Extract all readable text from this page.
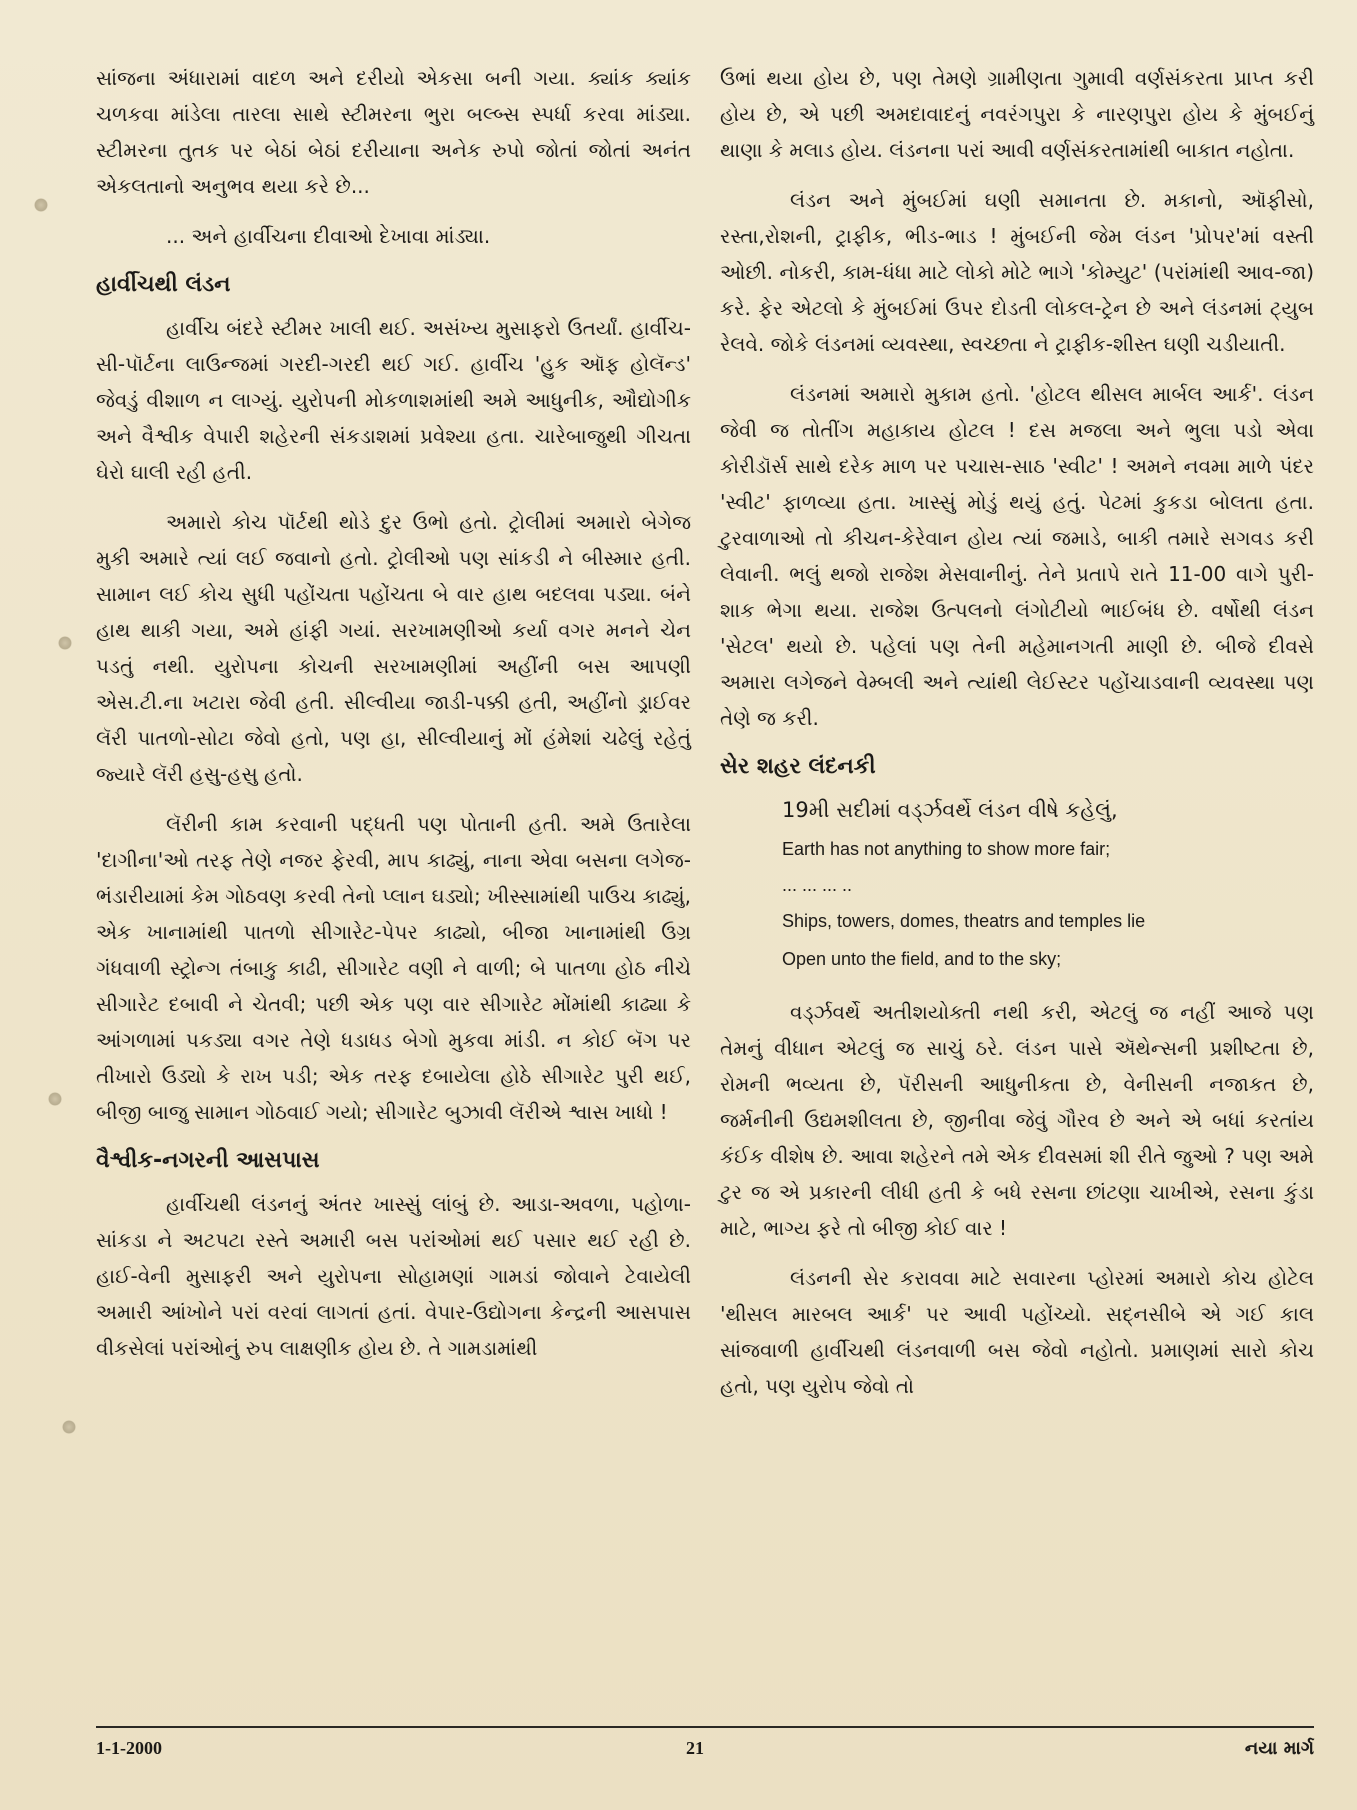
સાંજના અંધારામાં વાદળ અને દરીયો એકસા બની ગયા. ક્યાંક ક્યાંક ચળકવા માંડેલા તારલા સાથે સ્ટીમરના ભુરા બલ્બ્સ સ્પર્ધા કરવા માંડ્યા. સ્ટીમરના તુતક પર બેઠાં બેઠાં દરીયાના અનેક રુપો જોતાં જોતાં અનંત એકલતાનો અનુભવ થયા કરે છે...

... અને હાર્વીચના દીવાઓ દેખાવા માંડ્યા.

હાર્વીચથી લંડન

હાર્વીચ બંદરે સ્ટીમર ખાલી થઈ. અસંખ્ય મુસાફરો ઉતર્યાં. હાર્વીચ-સી-પૉર્ટના લાઉન્જમાં ગરદી-ગરદી થઈ ગઈ. હાર્વીચ 'હુક ઑફ હોલૅન્ડ' જેવડું વીશાળ ન લાગ્યું. યુરોપની મોકળાશમાંથી અમે આધુનીક, ઔદ્યોગીક અને વૈશ્વીક વેપારી શહેરની સંકડાશમાં પ્રવેશ્યા હતા. ચારેબાજુથી ગીચતા ઘેરો ઘાલી રહી હતી.

અમારો કોચ પૉર્ટથી થોડે દુર ઉભો હતો. ટ્રોલીમાં અમારો બેગેજ મુકી અમારે ત્યાં લઈ જવાનો હતો. ટ્રોલીઓ પણ સાંકડી ને બીસ્માર હતી. સામાન લઈ કોચ સુધી પહોંચતા પહોંચતા બે વાર હાથ બદલવા પડ્યા. બંને હાથ થાકી ગયા, અમે હાંફી ગયાં. સરખામણીઓ કર્યા વગર મનને ચેન પડતું નથી. યુરોપના કોચની સરખામણીમાં અહીંની બસ આપણી એસ.ટી.ના ખટારા જેવી હતી. સીલ્વીયા જાડી-પક્કી હતી, અહીંનો ડ્રાઈવર લૅરી પાતળો-સોટા જેવો હતો, પણ હા, સીલ્વીયાનું મોં હંમેશાં ચઢેલું રહેતું જ્યારે લૅરી હસુ-હસુ હતો.

લૅરીની કામ કરવાની પદ્ધતી પણ પોતાની હતી. અમે ઉતારેલા 'દાગીના'ઓ તરફ તેણે નજર ફેરવી, માપ કાઢ્યું, નાના એવા બસના લગેજ-ભંડારીયામાં કેમ ગોઠવણ કરવી તેનો પ્લાન ઘડ્યો; ખીસ્સામાંથી પાઉચ કાઢ્યું, એક ખાનામાંથી પાતળો સીગારેટ-પેપર કાઢ્યો, બીજા ખાનામાંથી ઉગ્ર ગંધવાળી સ્ટ્રોન્ગ તંબાકુ કાઢી, સીગારેટ વણી ને વાળી; બે પાતળા હોઠ નીચે સીગારેટ દબાવી ને ચેતવી; પછી એક પણ વાર સીગારેટ મોંમાંથી કાઢ્યા કે આંગળામાં પકડ્યા વગર તેણે ધડાધડ બેગો મુકવા માંડી. ન કોઈ બૅગ પર તીખારો ઉડ્યો કે રાખ પડી; એક તરફ દબાયેલા હોઠે સીગારેટ પુરી થઈ, બીજી બાજુ સામાન ગોઠવાઈ ગયો; સીગારેટ બુઝાવી લૅરીએ શ્વાસ ખાધો !

વૈશ્વીક-નગરની આસપાસ

હાર્વીચથી લંડનનું અંતર ખાસ્સું લાંબું છે. આડા-અવળા, પહોળા-સાંકડા ને અટપટા રસ્તે અમારી બસ પરાંઓમાં થઈ પસાર થઈ રહી છે. હાઈ-વેની મુસાફરી અને યુરોપના સોહામણાં ગામડાં જોવાને ટેવાયેલી અમારી આંખોને પરાં વરવાં લાગતાં હતાં. વેપાર-ઉદ્યોગના કેન્દ્રની આસપાસ વીકસેલાં પરાંઓનું રુપ લાક્ષણીક હોય છે. તે ગામડામાંથી

ઉભાં થયા હોય છે, પણ તેમણે ગ્રામીણતા ગુમાવી વર્ણસંકરતા પ્રાપ્ત કરી હોય છે, એ પછી અમદાવાદનું નવરંગપુરા કે નારણપુરા હોય કે મુંબઈનું થાણા કે મલાડ હોય. લંડનના પરાં આવી વર્ણસંકરતામાંથી બાકાત નહોતા.

લંડન અને મુંબઈમાં ઘણી સમાનતા છે. મકાનો, ઑફીસો, રસ્તા,રોશની, ટ્રાફીક, ભીડ-ભાડ ! મુંબઈની જેમ લંડન 'પ્રોપર'માં વસ્તી ઓછી. નોકરી, કામ-ધંધા માટે લોકો મોટે ભાગે 'કોમ્યુટ' (પરાંમાંથી આવ-જા) કરે. ફેર એટલો કે મુંબઈમાં ઉપર દોડતી લોકલ-ટ્રેન છે અને લંડનમાં ટ્યુબ રેલવે. જોકે લંડનમાં વ્યવસ્થા, સ્વચ્છતા ને ટ્રાફીક-શીસ્ત ઘણી ચડીયાતી.

લંડનમાં અમારો મુકામ હતો. 'હોટલ થીસલ માર્બલ આર્ક'. લંડન જેવી જ તોતીંગ મહાકાય હોટલ ! દસ મજલા અને ભુલા પડો એવા કોરીડૉર્સ સાથે દરેક માળ પર પચાસ-સાઠ 'સ્વીટ' ! અમને નવમા માળે પંદર 'સ્વીટ' ફાળવ્યા હતા. ખાસ્સું મોડું થયું હતું. પેટમાં કુકડા બોલતા હતા. ટુરવાળાઓ તો કીચન-કેરેવાન હોય ત્યાં જમાડે, બાકી તમારે સગવડ કરી લેવાની. ભલું થજો રાજેશ મેસવાનીનું. તેને પ્રતાપે રાતે 11-00 વાગે પુરી-શાક ભેગા થયા. રાજેશ ઉત્પલનો લંગોટીયો ભાઈબંધ છે. વર્ષોથી લંડન 'સેટલ' થયો છે. પહેલાં પણ તેની મહેમાનગતી માણી છે. બીજે દીવસે અમારા લગેજને વેમ્બલી અને ત્યાંથી લેઈસ્ટર પહોંચાડવાની વ્યવસ્થા પણ તેણે જ કરી.

સેર શહર લંદનકી
19મી સદીમાં વર્ડ્ઝવર્થે લંડન વીષે કહેલું,
Earth has not anything to show more fair;
... ... ... ..
Ships, towers, domes, theatrs and temples lie
Open unto the field, and to the sky;

વર્ડ્ઝવર્થે અતીશયોક્તી નથી કરી, એટલું જ નહીં આજે પણ તેમનું વીધાન એટલું જ સાચું ઠરે. લંડન પાસે ઍથેન્સની પ્રશીષ્ટતા છે, રોમની ભવ્યતા છે, પૅરીસની આધુનીકતા છે, વેનીસની નજાકત છે, જર્મનીની ઉદ્યમશીલતા છે, જીનીવા જેવું ગૌરવ છે અને એ બધાં કરતાંય કંઈક વીશેષ છે. આવા શહેરને તમે એક દીવસમાં શી રીતે જુઓ ? પણ અમે ટુર જ એ પ્રકારની લીધી હતી કે બધે રસના છાંટણા ચાખીએ, રસના કુંડા માટે, ભાગ્ય ફરે તો બીજી કોઈ વાર !

લંડનની સેર કરાવવા માટે સવારના પ્હોરમાં અમારો કોચ હોટેલ 'થીસલ મારબલ આર્ક' પર આવી પહોંચ્યો. સદ્નસીબે એ ગઈ કાલ સાંજવાળી હાર્વીચથી લંડનવાળી બસ જેવો નહોતો. પ્રમાણમાં સારો કોચ હતો, પણ યુરોપ જેવો તો

1-1-2000	21	નયા માર્ગ
